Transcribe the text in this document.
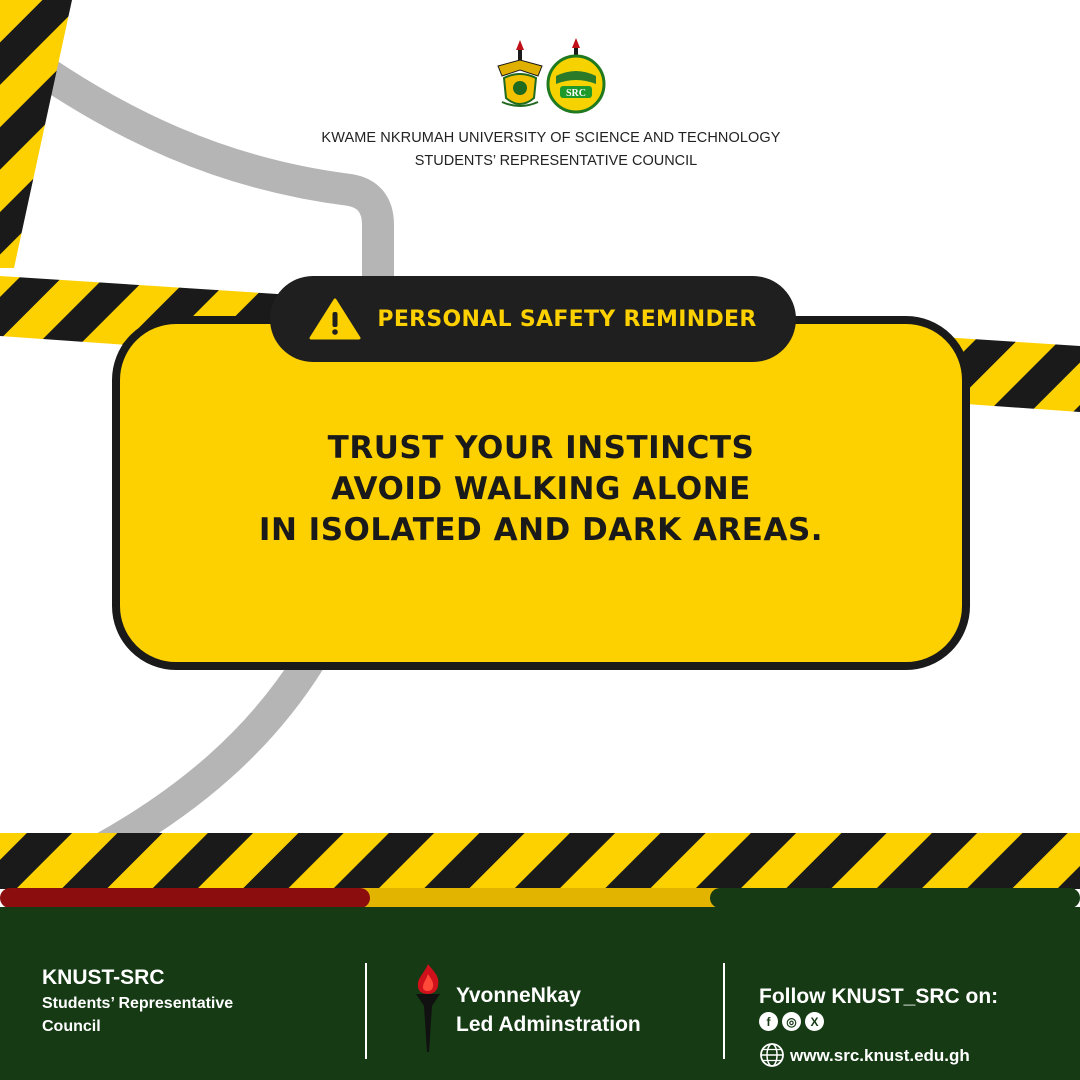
SRC
KWAME NKRUMAH UNIVERSITY OF SCIENCE AND TECHNOLOGY
STUDENTS’ REPRESENTATIVE COUNCIL
PERSONAL SAFETY REMINDER
TRUST YOUR INSTINCTS
AVOID WALKING ALONE
IN ISOLATED AND DARK AREAS.
KNUST-SRC
Students’ Representative
Council
YvonneNkay
Led Adminstration
Follow KNUST_SRC on:
f	◎	X
www.src.knust.edu.gh
